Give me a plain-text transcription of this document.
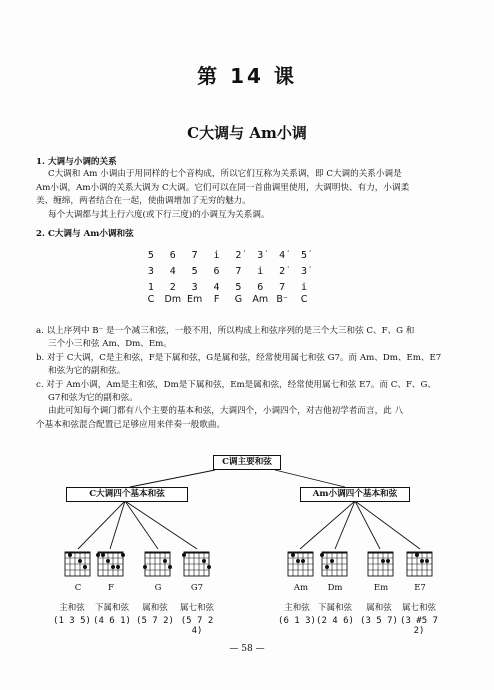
第 14 课
C大调与 Am小调
1. 大调与小调的关系
C大调和 Am 小调由于用同样的七个音构成，所以它们互称为关系调，即 C大调的关系小调是
Am小调，Am小调的关系大调为 C大调。它们可以在同一首曲调里使用，大调明快、有力，小调柔
美、缠绵，两者结合在一起，使曲调增加了无穷的魅力。
每个大调都与其上行六度(或下行三度)的小调互为关系调。
2. C大调与 Am小调和弦
5	6	7	i	2̇	3̇	4̇	5̇
3	4	5	6	7	i	2̇	3̇
1	2	3	4	5	6	7	i
C	Dm Em	F	G	Am B⁻	C
a. 以上序列中 B⁻ 是一个减三和弦，一般不用，所以构成上和弦序列的是三个大三和弦 C、F、G 和
三个小三和弦 Am、Dm、Em。
b. 对于 C大调，C是主和弦，F是下属和弦，G是属和弦，经常使用属七和弦 G7。而 Am、Dm、Em、E7
和弦为它的副和弦。
c. 对于 Am小调，Am是主和弦，Dm是下属和弦，Em是属和弦，经常使用属七和弦 E7。而 C、F、G、
G7和弦为它的副和弦。
由此可知每个调门都有八个主要的基本和弦，大调四个，小调四个，对吉他初学者而言，此 八
个基本和弦混合配置已足够应用来伴奏一般歌曲。
C调主要和弦
C大调四个基本和弦	Am小调四个基本和弦
C
主和弦
(1 3 5)
F
下属和弦
(4 6 1)
G
属和弦
(5 7 2)
G7
属七和弦
(5 7 2 4)
Am
主和弦
(6 1 3)
Dm
下属和弦
(2 4 6)
Em
属和弦
(3 5 7)
E7
属七和弦
(3 #5 7 2)
— 58 —
